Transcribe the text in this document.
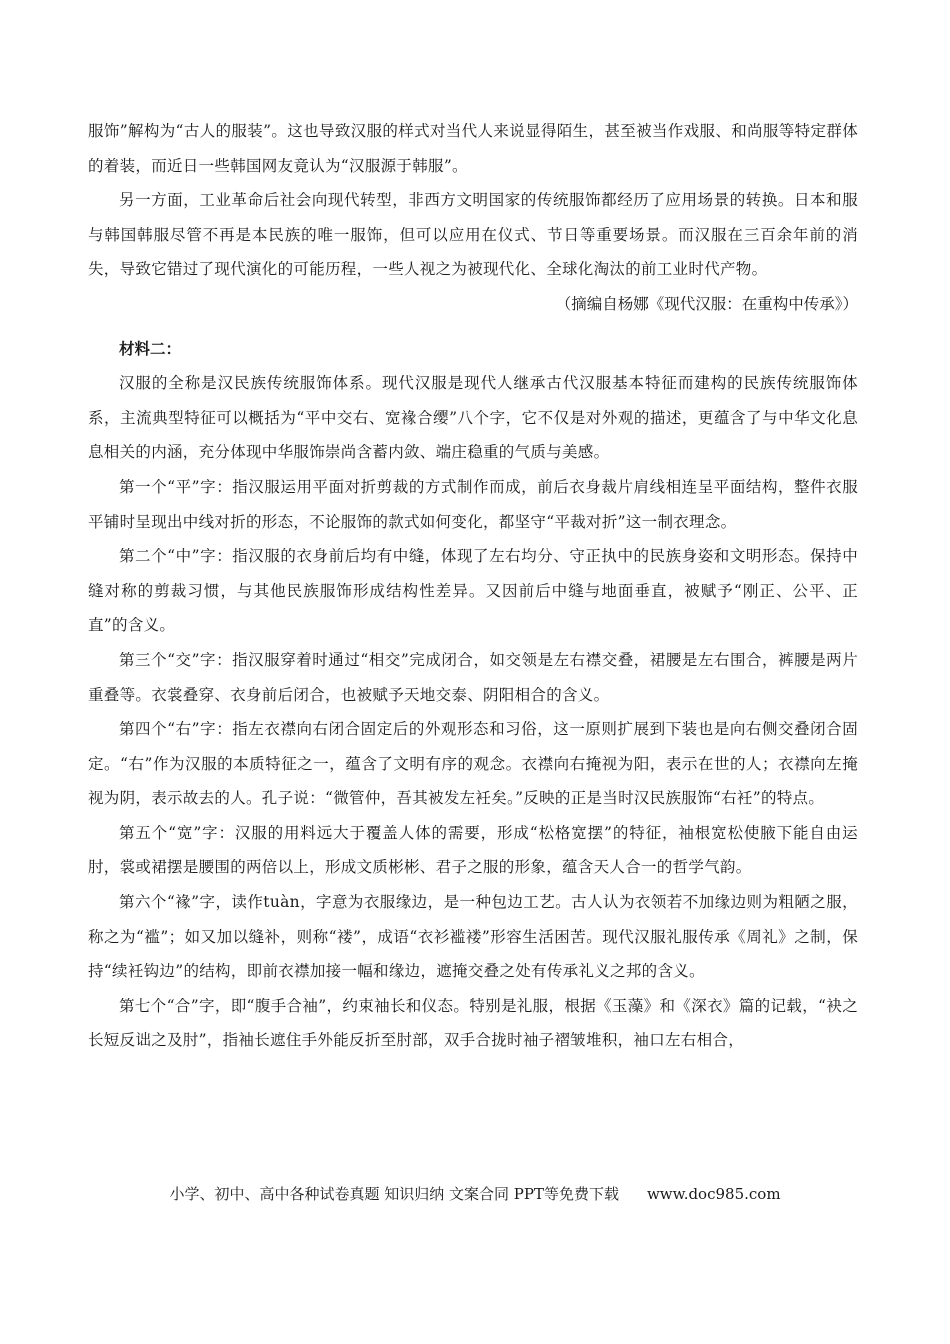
服饰”解构为“古人的服装”。这也导致汉服的样式对当代人来说显得陌生，甚至被当作戏服、和尚服等特定群体的着装，而近日一些韩国网友竟认为“汉服源于韩服”。

另一方面，工业革命后社会向现代转型，非西方文明国家的传统服饰都经历了应用场景的转换。日本和服与韩国韩服尽管不再是本民族的唯一服饰，但可以应用在仪式、节日等重要场景。而汉服在三百余年前的消失，导致它错过了现代演化的可能历程，一些人视之为被现代化、全球化淘汰的前工业时代产物。

（摘编自杨娜《现代汉服：在重构中传承》）

材料二：

汉服的全称是汉民族传统服饰体系。现代汉服是现代人继承古代汉服基本特征而建构的民族传统服饰体系，主流典型特征可以概括为“平中交右、宽褖合缨”八个字，它不仅是对外观的描述，更蕴含了与中华文化息息相关的内涵，充分体现中华服饰崇尚含蓄内敛、端庄稳重的气质与美感。

第一个“平”字：指汉服运用平面对折剪裁的方式制作而成，前后衣身裁片肩线相连呈平面结构，整件衣服平铺时呈现出中线对折的形态，不论服饰的款式如何变化，都坚守“平裁对折”这一制衣理念。

第二个“中”字：指汉服的衣身前后均有中缝，体现了左右均分、守正执中的民族身姿和文明形态。保持中缝对称的剪裁习惯，与其他民族服饰形成结构性差异。又因前后中缝与地面垂直，被赋予“刚正、公平、正直”的含义。

第三个“交”字：指汉服穿着时通过“相交”完成闭合，如交领是左右襟交叠，裙腰是左右围合，裤腰是两片重叠等。衣裳叠穿、衣身前后闭合，也被赋予天地交泰、阴阳相合的含义。

第四个“右”字：指左衣襟向右闭合固定后的外观形态和习俗，这一原则扩展到下装也是向右侧交叠闭合固定。“右”作为汉服的本质特征之一，蕴含了文明有序的观念。衣襟向右掩视为阳，表示在世的人；衣襟向左掩视为阴，表示故去的人。孔子说：“微管仲，吾其被发左衽矣。”反映的正是当时汉民族服饰“右衽”的特点。

第五个“宽”字：汉服的用料远大于覆盖人体的需要，形成“松格宽摆”的特征，袖根宽松使腋下能自由运肘，裳或裙摆是腰围的两倍以上，形成文质彬彬、君子之服的形象，蕴含天人合一的哲学气韵。

第六个“褖”字，读作tuàn，字意为衣服缘边，是一种包边工艺。古人认为衣领若不加缘边则为粗陋之服，称之为“褴”；如又加以缝补，则称“褛”，成语“衣衫褴褛”形容生活困苦。现代汉服礼服传承《周礼》之制，保持“续衽钩边”的结构，即前衣襟加接一幅和缘边，遮掩交叠之处有传承礼义之邦的含义。

第七个“合”字，即“腹手合袖”，约束袖长和仪态。特别是礼服，根据《玉藻》和《深衣》篇的记载，“袂之长短反诎之及肘”，指袖长遮住手外能反折至肘部，双手合拢时袖子褶皱堆积，袖口左右相合，

小学、初中、高中各种试卷真题 知识归纳 文案合同 PPT等免费下载 www.doc985.com
